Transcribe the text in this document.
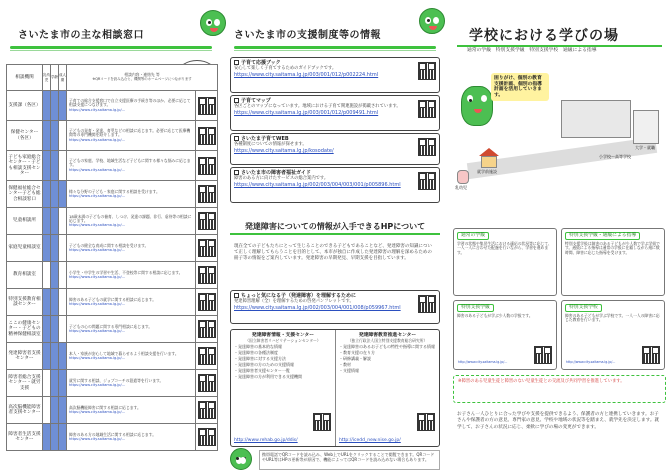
さいたま市の主な相談窓口
相談機関	乳幼児	学齢	成人期	相談内容・連絡先 等
※QRコードを読み込むと、機関等のホームページにつながります	
支援課（各区）				子育ての総合支援窓口で自立支援医療の手続き等のほか、必要に応じて相談支援につなげます。
https://www.city.saitama.lg.jp/...	

保健センター（各区）				子どもの発育・発達、育児などの相談に応じます。必要に応じて医療機関等の専門機関を紹介します。
https://www.city.saitama.lg.jp/...	

子ども家庭総合センター・子ども相談支援センター				子どもの家庭、学校、地域生活など子どもに関する様々な悩みに応じます。
https://www.city.saitama.lg.jp/...	

保健福祉総合センター子ども総合相談窓口				様々な分野の子ども・家庭に関する相談を受けます。
https://www.city.saitama.lg.jp/...	

児童相談所				18歳未満の子どもの養育、しつけ、発達の課題、非行、虐待等の相談に応じます。
https://www.city.saitama.lg.jp/...	

家庭児童相談室				子どもの健全な育成に関する相談を受けます。
https://www.city.saitama.lg.jp/...	

教育相談室				小学生・中学生の学習や生活、不登校等に関する相談に応じます。
https://www.city.saitama.lg.jp/...	

特別支援教育相談センター				障害のある子どもの就学に関する相談に応じます。
https://www.city.saitama.lg.jp/...	

ここの健康センター・子どもの精神保健相談室				子どもの心の問題に関する専門相談に応じます。
https://www.city.saitama.lg.jp/...	

発達障害者支援センター				本人・家族が安心して地域で暮らせるよう相談支援を行います。
https://www.city.saitama.lg.jp/...	

障害者総合支援センター・就労支援				就労に関する相談、ジョブコーチの派遣等を行います。
https://www.city.saitama.lg.jp/...	

高次脳機能障害者支援センター				高次脳機能障害に関する相談に応じます。
https://www.city.saitama.lg.jp/...	

障害者生活支援センター				障害のある方の地域生活に関する相談に応じます。
https://www.city.saitama.lg.jp/...	

さいたま市の支援制度等の情報
子育て応援ブック
安心して楽しく子育てするためのガイドブックです。
https://www.city.saitama.lg.jp/003/001/012/p002224.html
子育てマップ
各区ごとのマップになっています。地域における子育て関連施設が掲載されています。
https://www.city.saitama.lg.jp/003/001/012/p009491.html
さいたま子育てWEB
各種制度についての情報が探せます。
https://www.city.saitama.lg.jp/kosodate/
さいたま市の障害者福祉ガイド
障害のある方に向けたサービスの総合案内です。
https://www.city.saitama.lg.jp/002/003/004/003/001/p005896.html
発達障害についての情報が入手できるHPについて
現在全ての子どもたちにとって生じることのできる子どもであることなど、発達障害の知識について正しく理解してもらうことを目的として、本市が独自に作成した発達障害の理解を深めるための冊子等の情報をご案内しています。発達障害の早期発見、早期支援を目指しています。
ちょっと気になる子（発達障害）を理解するために
発達障害理解（全）を理解するための啓発パンフレットです。
https://www.city.saitama.lg.jp/002/003/004/001/008/p059967.html
発達障害情報・支援センター
（国立障害者リハビリテーションセンター）
・発達障害の基本的な情報
・発達障害の各種法制度
・発達障害に対する支援方法
・発達障害の方のための支援情報
・発達障害者支援センター一覧
・発達障害の方が利用できる支援機関
http://www.rehab.go.jp/ddis/
発達障害教育推進センター
（独立行政法人国立特別支援教育総合研究所）
・発達障害のあるお子どもの特性や指導に関する情報
・教育支援の在り方
・研修講義・解説
・教材
・支援情報
http://icedd_new.nise.go.jp/
携帯電話でQRコードを読み込み、Web上でURLをクリックすることで閲覧できます。QRコードやURL等はHPの更新等が原因で、機能によってはQRコードを読み込めない場合もあります。
学校における学びの場
通常の学級　特別支援学級　特別支援学校　通級による指導
困りがけ、個別の教育支援計画、個別の指導計画を活用していきます。
小学校～高等学校
大学・就職
就学前施設
乳幼児
通常の学級
学習の状態や集団生活における適応の状況等に応じて、一人一人に合わせた配慮を行いながら、学習を進めます。
特別支援学級・通級による指導
特別支援学級は障害のある子どもが少人数で学ぶ学級です。通級による指導は通常の学級に在籍しながら週に数時間、障害に応じた指導を受けます。
特別支援学級
障害のある子どもが学ぶ少人数の学級です。
http://www.city.saitama.lg.jp/...
特別支援学校
障害のある子どもが学ぶ学校です。一人一人の障害に応じた教育を行います。
http://www.city.saitama.lg.jp/...
※障害のある児童生徒と障害のない児童生徒との交流及び共同学習を推進しています。
お子さん一人ひとりに合った学びや支援を提供できるよう、保護者の方と連携していきます。お子さんや保護者の方の意見、専門家の意見、学校や地域の状況等を踏まえ、就学先を決定します。就学して、お子さんの状況に応じ、柔軟に学びの場の変更ができます。
